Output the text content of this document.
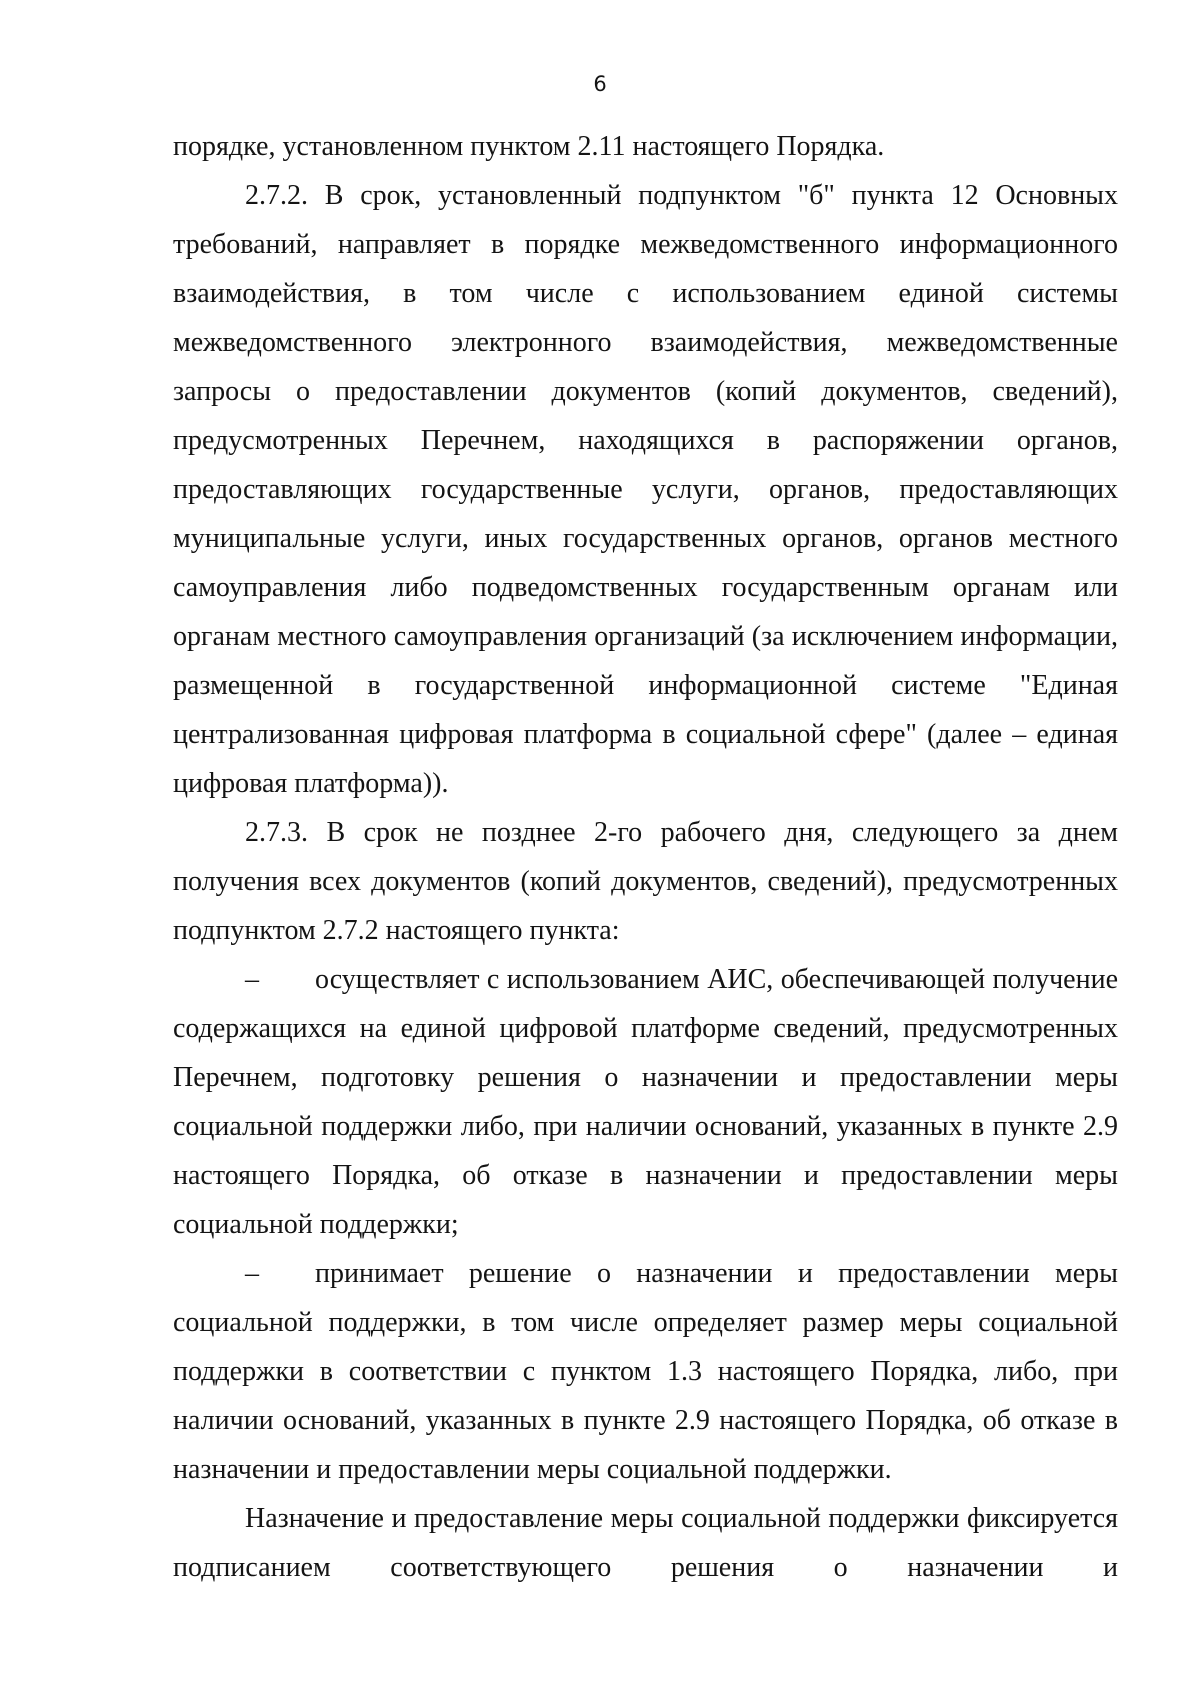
6

порядке, установленном пунктом 2.11 настоящего Порядка.

2.7.2. В срок, установленный подпунктом "б" пункта 12 Основных требований, направляет в порядке межведомственного информационного взаимодействия, в том числе с использованием единой системы межведомственного электронного взаимодействия, межведомственные запросы о предоставлении документов (копий документов, сведений), предусмотренных Перечнем, находящихся в распоряжении органов, предоставляющих государственные услуги, органов, предоставляющих муниципальные услуги, иных государственных органов, органов местного самоуправления либо подведомственных государственным органам или органам местного самоуправления организаций (за исключением информации, размещенной в государственной информационной системе "Единая централизованная цифровая платформа в социальной сфере" (далее – единая цифровая платформа)).

2.7.3. В срок не позднее 2-го рабочего дня, следующего за днем получения всех документов (копий документов, сведений), предусмотренных подпунктом 2.7.2 настоящего пункта:

–  осуществляет с использованием АИС, обеспечивающей получение содержащихся на единой цифровой платформе сведений, предусмотренных Перечнем, подготовку решения о назначении и предоставлении меры социальной поддержки либо, при наличии оснований, указанных в пункте 2.9 настоящего Порядка, об отказе в назначении и предоставлении меры социальной поддержки;

–  принимает решение о назначении и предоставлении меры социальной поддержки, в том числе определяет размер меры социальной поддержки в соответствии с пунктом 1.3 настоящего Порядка, либо, при наличии оснований, указанных в пункте 2.9 настоящего Порядка, об отказе в назначении и предоставлении меры социальной поддержки.

Назначение и предоставление меры социальной поддержки фиксируется подписанием соответствующего решения о назначении и
